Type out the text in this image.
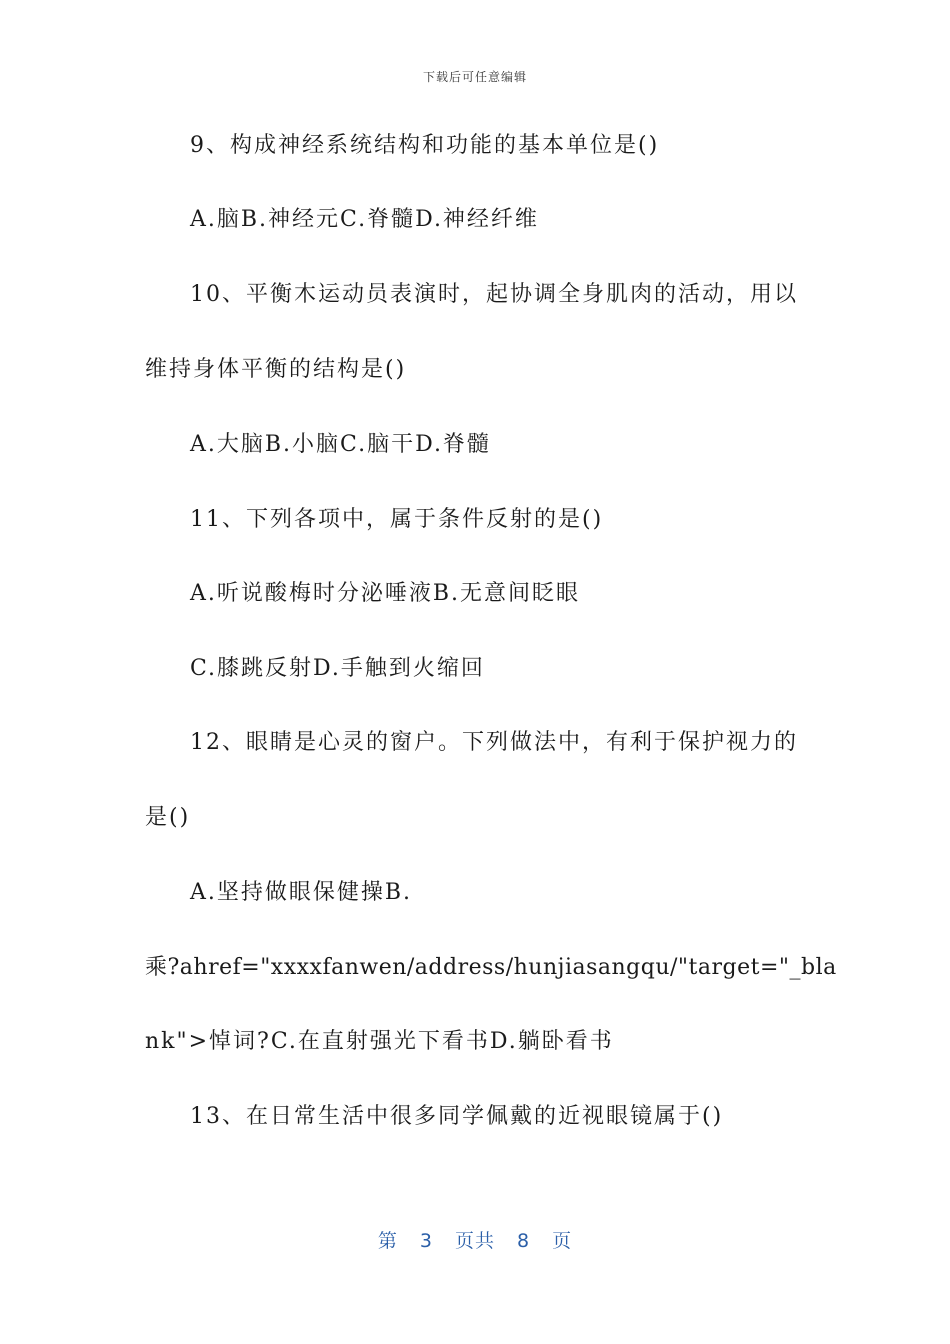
下载后可任意编辑
9、构成神经系统结构和功能的基本单位是()
A.脑B.神经元C.脊髓D.神经纤维
10、平衡木运动员表演时，起协调全身肌肉的活动，用以
维持身体平衡的结构是()
A.大脑B.小脑C.脑干D.脊髓
11、下列各项中，属于条件反射的是()
A.听说酸梅时分泌唾液B.无意间眨眼
C.膝跳反射D.手触到火缩回
12、眼睛是心灵的窗户。下列做法中，有利于保护视力的
是()
A.坚持做眼保健操B.
乘?ahref="xxxxfanwen/address/hunjiasangqu/"target="_bla
nk">悼词?C.在直射强光下看书D.躺卧看书
13、在日常生活中很多同学佩戴的近视眼镜属于()
第 3 页共 8 页
